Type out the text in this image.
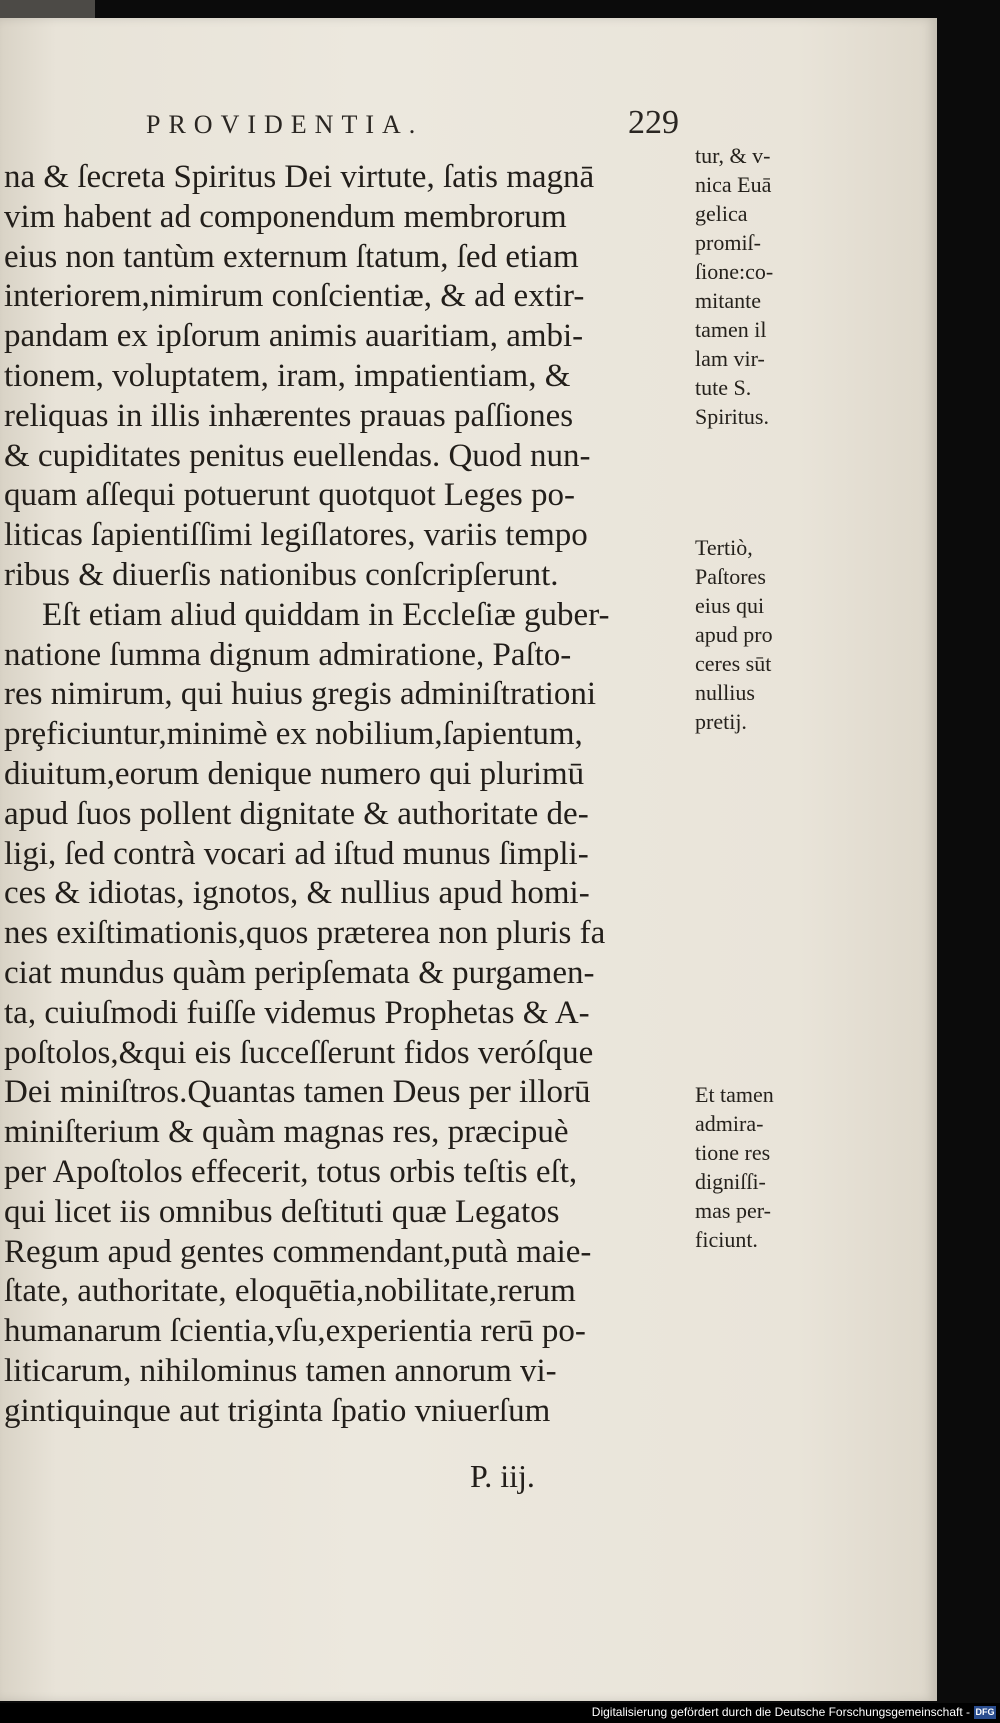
PROVIDENTIA.	229
na & ſecreta Spiritus Dei virtute, ſatis magnā
vim habent ad componendum membrorum
eius non tantùm externum ſtatum, ſed etiam
interiorem,nimirum conſcientiæ, & ad extir-
pandam ex ipſorum animis auaritiam, ambi-
tionem, voluptatem, iram, impatientiam, &
reliquas in illis inhærentes prauas paſſiones
& cupiditates penitus euellendas. Quod nun-
quam aſſequi potuerunt quotquot Leges po-
liticas ſapientiſſimi legiſlatores, variis tempo
ribus & diuerſis nationibus conſcripſerunt.
Eſt etiam aliud quiddam in Eccleſiæ guber-
natione ſumma dignum admiratione, Paſto-
res nimirum, qui huius gregis adminiſtrationi
prȩficiuntur,minimè ex nobilium,ſapientum,
diuitum,eorum denique numero qui plurimū
apud ſuos pollent dignitate & authoritate de-
ligi, ſed contrà vocari ad iſtud munus ſimpli-
ces & idiotas, ignotos, & nullius apud homi-
nes exiſtimationis,quos præterea non pluris fa
ciat mundus quàm peripſemata & purgamen-
ta, cuiuſmodi fuiſſe videmus Prophetas & A-
poſtolos,&qui eis ſucceſſerunt fidos veróſque
Dei miniſtros.Quantas tamen Deus per illorū
miniſterium & quàm magnas res, præcipuè
per Apoſtolos effecerit, totus orbis teſtis eſt,
qui licet iis omnibus deſtituti quæ Legatos
Regum apud gentes commendant,putà maie-
ſtate, authoritate, eloquētia,nobilitate,rerum
humanarum ſcientia,vſu,experientia rerū po-
liticarum, nihilominus tamen annorum vi-
gintiquinque aut triginta ſpatio vniuerſum
tur, & v-
nica Euā
gelica
promiſ-
ſione:co-
mitante
tamen il
lam vir-
tute S.
Spiritus.
Tertiò,
Paſtores
eius qui
apud pro
ceres sūt
nullius
pretij.
Et tamen
admira-
tione res
digniſſi-
mas per-
ficiunt.
P. iij.
Digitalisierung gefördert durch die Deutsche Forschungsgemeinschaft - DFG
